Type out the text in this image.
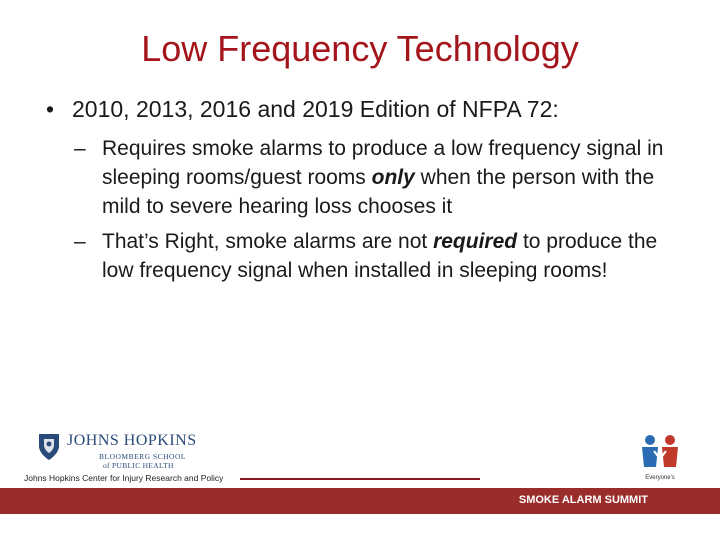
Low Frequency Technology
• 2010, 2013, 2016 and 2019 Edition of NFPA 72:
– Requires smoke alarms to produce a low frequency signal in sleeping rooms/guest rooms only when the person with the mild to severe hearing loss chooses it
– That’s Right, smoke alarms are not required to produce the low frequency signal when installed in sleeping rooms!
JOHNS HOPKINS
BLOOMBERG SCHOOL
of PUBLIC HEALTH
Johns Hopkins Center for Injury Research and Policy	Everyone's
SMOKE ALARM SUMMIT
